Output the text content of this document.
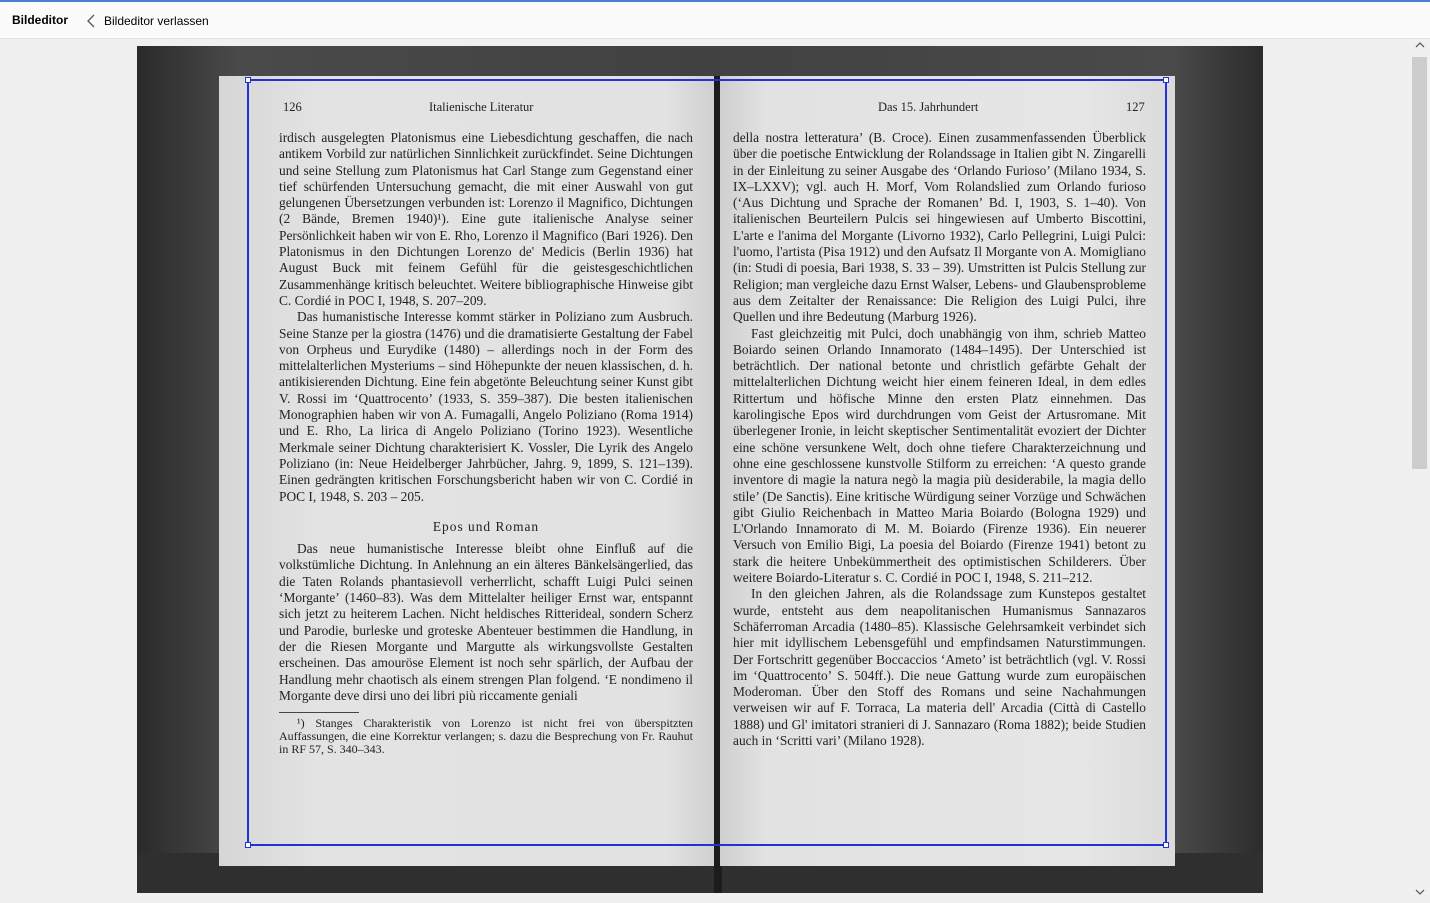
Bildeditor	Bildeditor verlassen
126	Italienische Literatur

irdisch ausgelegten Platonismus eine Liebesdichtung geschaffen, die nach antikem Vorbild zur natürlichen Sinnlichkeit zurückfindet. Seine Dichtungen und seine Stellung zum Platonismus hat Carl Stange zum Gegenstand einer tief schürfenden Untersuchung gemacht, die mit einer Auswahl von gut gelungenen Übersetzungen verbunden ist: Lorenzo il Magnifico, Dichtungen (2 Bände, Bremen 1940)¹). Eine gute italienische Analyse seiner Persönlichkeit haben wir von E. Rho, Lorenzo il Magnifico (Bari 1926). Den Platonismus in den Dichtungen Lorenzo de' Medicis (Berlin 1936) hat August Buck mit feinem Gefühl für die geistesgeschichtlichen Zusammenhänge kritisch beleuchtet. Weitere bibliographische Hinweise gibt C. Cordié in POC I, 1948, S. 207–209.

Das humanistische Interesse kommt stärker in Poliziano zum Ausbruch. Seine Stanze per la giostra (1476) und die dramatisierte Gestaltung der Fabel von Orpheus und Eurydike (1480) – allerdings noch in der Form des mittelalterlichen Mysteriums – sind Höhepunkte der neuen klassischen, d. h. antikisierenden Dichtung. Eine fein abgetönte Beleuchtung seiner Kunst gibt V. Rossi im ‘Quattrocento’ (1933, S. 359–387). Die besten italienischen Monographien haben wir von A. Fumagalli, Angelo Poliziano (Roma 1914) und E. Rho, La lirica di Angelo Poliziano (Torino 1923). Wesentliche Merkmale seiner Dichtung charakterisiert K. Vossler, Die Lyrik des Angelo Poliziano (in: Neue Heidelberger Jahrbücher, Jahrg. 9, 1899, S. 121–139). Einen gedrängten kritischen Forschungsbericht haben wir von C. Cordié in POC I, 1948, S. 203 – 205.

Epos und Roman

Das neue humanistische Interesse bleibt ohne Einfluß auf die volkstümliche Dichtung. In Anlehnung an ein älteres Bänkelsängerlied, das die Taten Rolands phantasievoll verherrlicht, schafft Luigi Pulci seinen ‘Morgante’ (1460–83). Was dem Mittelalter heiliger Ernst war, entspannt sich jetzt zu heiterem Lachen. Nicht heldisches Ritterideal, sondern Scherz und Parodie, burleske und groteske Abenteuer bestimmen die Handlung, in der die Riesen Morgante und Margutte als wirkungsvollste Gestalten erscheinen. Das amouröse Element ist noch sehr spärlich, der Aufbau der Handlung mehr chaotisch als einem strengen Plan folgend. ‘E nondimeno il Morgante deve dirsi uno dei libri più riccamente geniali

¹) Stanges Charakteristik von Lorenzo ist nicht frei von überspitzten Auffassungen, die eine Korrektur verlangen; s. dazu die Besprechung von Fr. Rauhut in RF 57, S. 340–343.

Das 15. Jahrhundert	127

della nostra letteratura’ (B. Croce). Einen zusammenfassenden Überblick über die poetische Entwicklung der Rolandssage in Italien gibt N. Zingarelli in der Einleitung zu seiner Ausgabe des ‘Orlando Furioso’ (Milano 1934, S. IX–LXXV); vgl. auch H. Morf, Vom Rolandslied zum Orlando furioso (‘Aus Dichtung und Sprache der Romanen’ Bd. I, 1903, S. 1–40). Von italienischen Beurteilern Pulcis sei hingewiesen auf Umberto Biscottini, L'arte e l'anima del Morgante (Livorno 1932), Carlo Pellegrini, Luigi Pulci: l'uomo, l'artista (Pisa 1912) und den Aufsatz Il Morgante von A. Momigliano (in: Studi di poesia, Bari 1938, S. 33 – 39). Umstritten ist Pulcis Stellung zur Religion; man vergleiche dazu Ernst Walser, Lebens- und Glaubensprobleme aus dem Zeitalter der Renaissance: Die Religion des Luigi Pulci, ihre Quellen und ihre Bedeutung (Marburg 1926).

Fast gleichzeitig mit Pulci, doch unabhängig von ihm, schrieb Matteo Boiardo seinen Orlando Innamorato (1484–1495). Der Unterschied ist beträchtlich. Der national betonte und christlich gefärbte Gehalt der mittelalterlichen Dichtung weicht hier einem feineren Ideal, in dem edles Rittertum und höfische Minne den ersten Platz einnehmen. Das karolingische Epos wird durchdrungen vom Geist der Artusromane. Mit überlegener Ironie, in leicht skeptischer Sentimentalität evoziert der Dichter eine schöne versunkene Welt, doch ohne tiefere Charakterzeichnung und ohne eine geschlossene kunstvolle Stilform zu erreichen: ‘A questo grande inventore di magie la natura negò la magia più desiderabile, la magia dello stile’ (De Sanctis). Eine kritische Würdigung seiner Vorzüge und Schwächen gibt Giulio Reichenbach in Matteo Maria Boiardo (Bologna 1929) und L'Orlando Innamorato di M. M. Boiardo (Firenze 1936). Ein neuerer Versuch von Emilio Bigi, La poesia del Boiardo (Firenze 1941) betont zu stark die heitere Unbekümmertheit des optimistischen Schilderers. Über weitere Boiardo-Literatur s. C. Cordié in POC I, 1948, S. 211–212.

In den gleichen Jahren, als die Rolandssage zum Kunstepos gestaltet wurde, entsteht aus dem neapolitanischen Humanismus Sannazaros Schäferroman Arcadia (1480–85). Klassische Gelehrsamkeit verbindet sich hier mit idyllischem Lebensgefühl und empfindsamen Naturstimmungen. Der Fortschritt gegenüber Boccaccios ‘Ameto’ ist beträchtlich (vgl. V. Rossi im ‘Quattrocento’ S. 504ff.). Die neue Gattung wurde zum europäischen Moderoman. Über den Stoff des Romans und seine Nachahmungen verweisen wir auf F. Torraca, La materia dell' Arcadia (Città di Castello 1888) und Gl' imitatori stranieri di J. Sannazaro (Roma 1882); beide Studien auch in ‘Scritti vari’ (Milano 1928).
